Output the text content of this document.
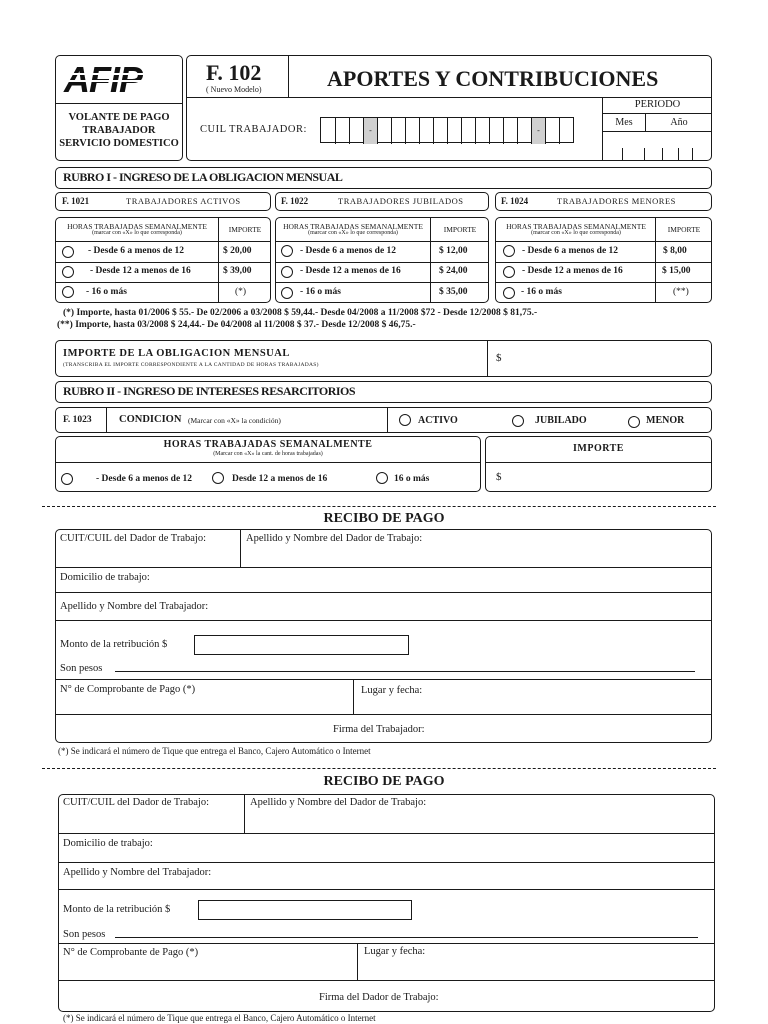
AFIP
VOLANTE DE PAGO
TRABAJADOR
SERVICIO DOMESTICO
F. 102
( Nuevo Modelo)	APORTES Y CONTRIBUCIONES
CUIL TRABAJADOR:	-	-
PERIODO
Mes	Año
RUBRO I - INGRESO DE LA OBLIGACION MENSUAL
F. 1021	TRABAJADORES ACTIVOS	F. 1022	TRABAJADORES JUBILADOS	F. 1024	TRABAJADORES MENORES
HORAS TRABAJADAS SEMANALMENTE
(marcar con «X» lo que corresponda)	IMPORTE
- Desde 6 a menos de 12	$ 20,00
- Desde 12 a menos de 16	$ 39,00
- 16 o más	(*)
HORAS TRABAJADAS SEMANALMENTE
(marcar con «X» lo que corresponda)	IMPORTE
- Desde 6 a menos de 12	$ 12,00
- Desde 12 a menos de 16	$ 24,00
- 16 o más	$ 35,00
HORAS TRABAJADAS SEMANALMENTE
(marcar con «X» lo que corresponda)	IMPORTE
- Desde 6 a menos de 12	$ 8,00
- Desde 12 a menos de 16	$ 15,00
- 16 o más	(**)
(*) Importe, hasta 01/2006 $ 55.- De 02/2006 a 03/2008 $ 59,44.- Desde 04/2008 a 11/2008 $72 - Desde 12/2008 $ 81,75.-
(**) Importe, hasta 03/2008 $ 24,44.- De 04/2008 al 11/2008 $ 37.- Desde 12/2008 $ 46,75.-
IMPORTE DE LA OBLIGACION MENSUAL
(TRANSCRIBA EL IMPORTE CORRESPONDIENTE A LA CANTIDAD DE HORAS TRABAJADAS)
$
RUBRO II - INGRESO DE INTERESES RESARCITORIOS
F. 1023	CONDICION (Marcar con «X» la condición)	ACTIVO	JUBILADO	MENOR
HORAS TRABAJADAS SEMANALMENTE
(Marcar con «X» la cant. de horas trabajadas)
- Desde 6 a menos de 12	Desde 12 a menos de 16	16 o más
IMPORTE
$
RECIBO DE PAGO
CUIT/CUIL del Dador de Trabajo:	Apellido y Nombre del Dador de Trabajo:
Domicilio de trabajo:
Apellido y Nombre del Trabajador:
Monto de la retribución $
Son pesos
N° de Comprobante de Pago (*)	Lugar y fecha:
Firma del Trabajador:
(*) Se indicará el número de Tique que entrega el Banco, Cajero Automático o Internet
RECIBO DE PAGO
CUIT/CUIL del Dador de Trabajo:	Apellido y Nombre del Dador de Trabajo:
Domicilio de trabajo:
Apellido y Nombre del Trabajador:
Monto de la retribución $
Son pesos
N° de Comprobante de Pago (*)	Lugar y fecha:
Firma del Dador de Trabajo:
(*) Se indicará el número de Tique que entrega el Banco, Cajero Automático o Internet
